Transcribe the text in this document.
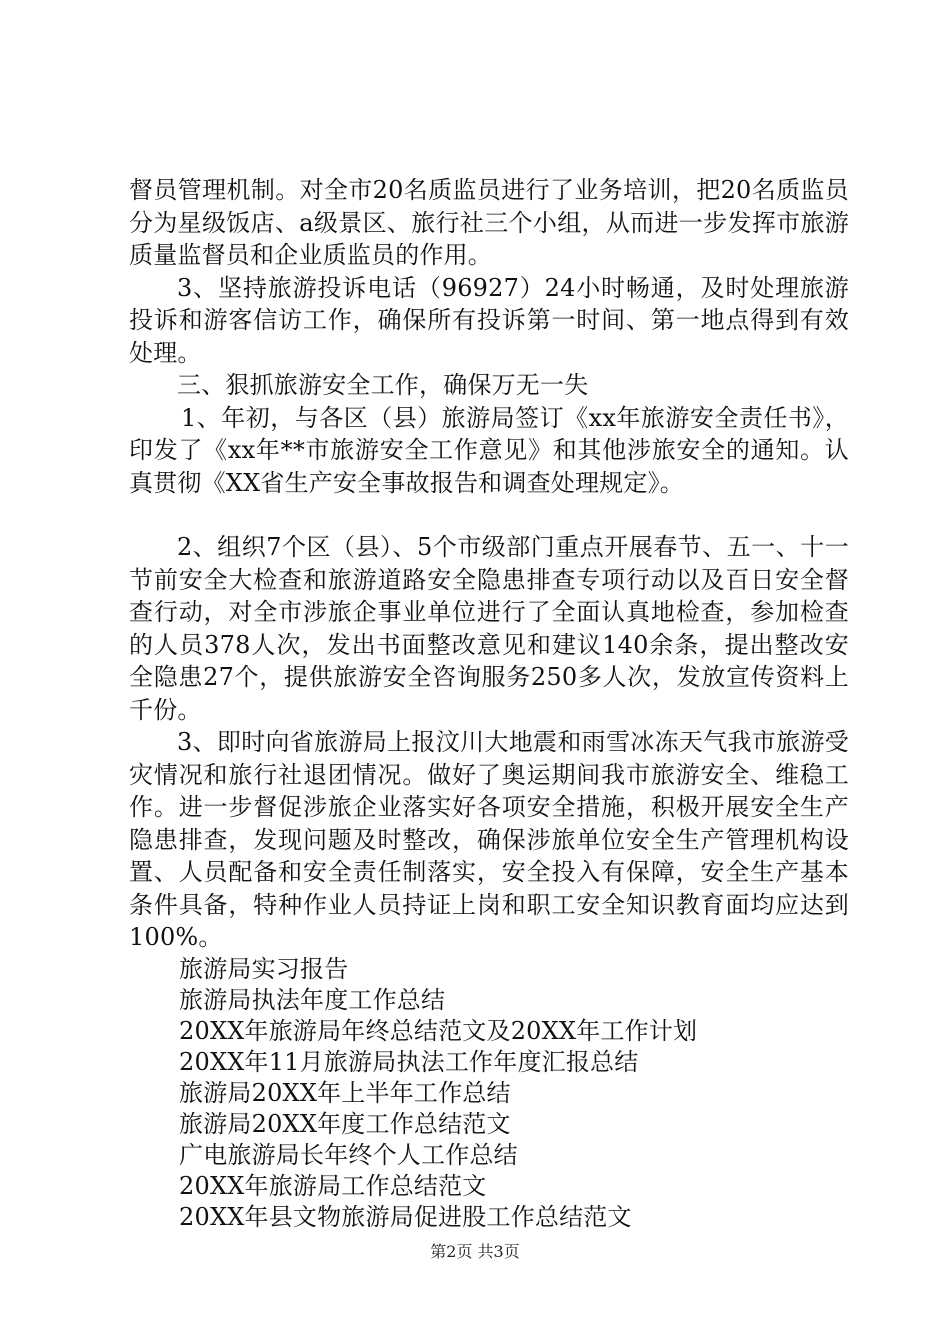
督员管理机制。对全市20名质监员进行了业务培训，把20名质监员分为星级饭店、a级景区、旅行社三个小组，从而进一步发挥市旅游质量监督员和企业质监员的作用。

3、坚持旅游投诉电话（96927）24小时畅通，及时处理旅游投诉和游客信访工作，确保所有投诉第一时间、第一地点得到有效处理。

三、狠抓旅游安全工作，确保万无一失

1、年初，与各区（县）旅游局签订《xx年旅游安全责任书》，印发了《xx年**市旅游安全工作意见》和其他涉旅安全的通知。认真贯彻《XX省生产安全事故报告和调查处理规定》。

2、组织7个区（县）、5个市级部门重点开展春节、五一、十一节前安全大检查和旅游道路安全隐患排查专项行动以及百日安全督查行动，对全市涉旅企事业单位进行了全面认真地检查，参加检查的人员378人次，发出书面整改意见和建议140余条，提出整改安全隐患27个，提供旅游安全咨询服务250多人次，发放宣传资料上千份。

3、即时向省旅游局上报汶川大地震和雨雪冰冻天气我市旅游受灾情况和旅行社退团情况。做好了奥运期间我市旅游安全、维稳工作。进一步督促涉旅企业落实好各项安全措施，积极开展安全生产隐患排查，发现问题及时整改，确保涉旅单位安全生产管理机构设置、人员配备和安全责任制落实，安全投入有保障，安全生产基本条件具备，特种作业人员持证上岗和职工安全知识教育面均应达到100%。

旅游局实习报告
旅游局执法年度工作总结
20XX年旅游局年终总结范文及20XX年工作计划
20XX年11月旅游局执法工作年度汇报总结
旅游局20XX年上半年工作总结
旅游局20XX年度工作总结范文
广电旅游局长年终个人工作总结
20XX年旅游局工作总结范文
20XX年县文物旅游局促进股工作总结范文
第2页 共3页
